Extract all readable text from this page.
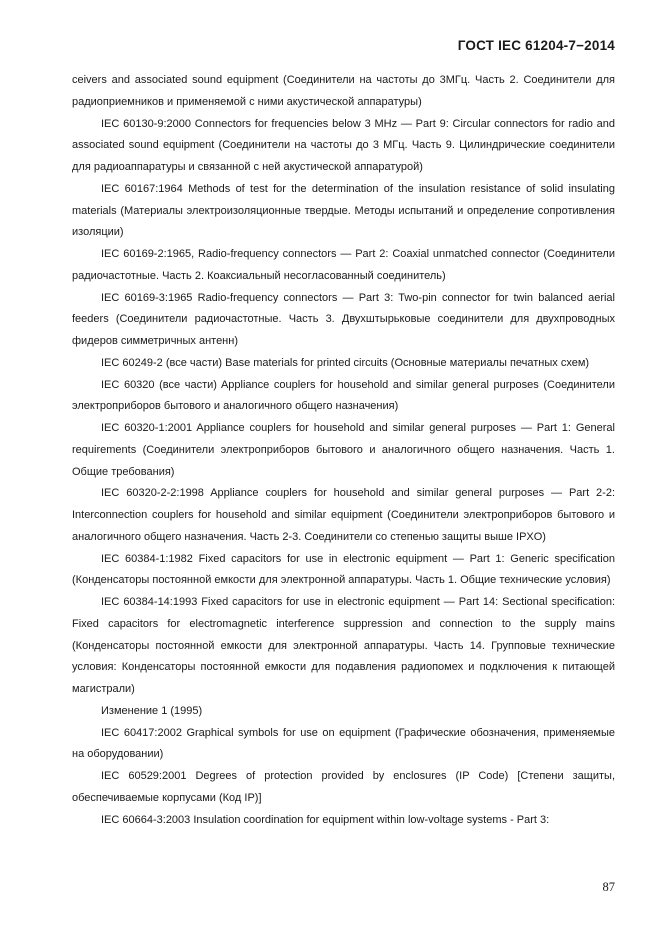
ГОСТ IEC 61204-7−2014

ceivers and associated sound equipment (Соединители на частоты до 3МГц. Часть 2. Соединители для радиоприемников и применяемой с ними акустической аппаратуры)

IEC 60130-9:2000 Connectors for frequencies below 3 MHz — Part 9: Circular connectors for radio and associated sound equipment (Соединители на частоты до 3 МГц. Часть 9. Цилиндрические соединители для радиоаппаратуры и связанной с ней акустической аппаратурой)

IEC 60167:1964 Methods of test for the determination of the insulation resistance of solid insulating materials (Материалы электроизоляционные твердые. Методы испытаний и определение сопротивления изоляции)

IEC 60169-2:1965, Radio-frequency connectors — Part 2: Coaxial unmatched connector (Соединители радиочастотные. Часть 2. Коаксиальный несогласованный соединитель)

IEC 60169-3:1965 Radio-frequency connectors — Part 3: Two-pin connector for twin balanced aerial feeders (Соединители радиочастотные. Часть 3. Двухштырьковые соединители для двухпроводных фидеров симметричных антенн)

IEC 60249-2 (все части) Base materials for printed circuits (Основные материалы печатных схем)

IEC 60320 (все части) Appliance couplers for household and similar general purposes (Соединители электроприборов бытового и аналогичного общего назначения)

IEC 60320-1:2001 Appliance couplers for household and similar general purposes — Part 1: General requirements (Соединители электроприборов бытового и аналогичного общего назначения. Часть 1. Общие требования)

IEC 60320-2-2:1998 Appliance couplers for household and similar general purposes — Part 2-2: Interconnection couplers for household and similar equipment (Соединители электроприборов бытового и аналогичного общего назначения. Часть 2-3. Соединители со степенью защиты выше IPXO)

IEC 60384-1:1982 Fixed capacitors for use in electronic equipment — Part 1: Generic specification (Конденсаторы постоянной емкости для электронной аппаратуры. Часть 1. Общие технические условия)

IEC 60384-14:1993 Fixed capacitors for use in electronic equipment — Part 14: Sectional specification: Fixed capacitors for electromagnetic interference suppression and connection to the supply mains (Конденсаторы постоянной емкости для электронной аппаратуры. Часть 14. Групповые технические условия: Конденсаторы постоянной емкости для подавления радиопомех и подключения к питающей магистрали)

Изменение 1 (1995)

IEC 60417:2002 Graphical symbols for use on equipment (Графические обозначения, применяемые на оборудовании)

IEC 60529:2001 Degrees of protection provided by enclosures (IP Code) [Степени защиты, обеспечиваемые корпусами (Код IP)]

IEC 60664-3:2003 Insulation coordination for equipment within low-voltage systems - Part 3:

87
